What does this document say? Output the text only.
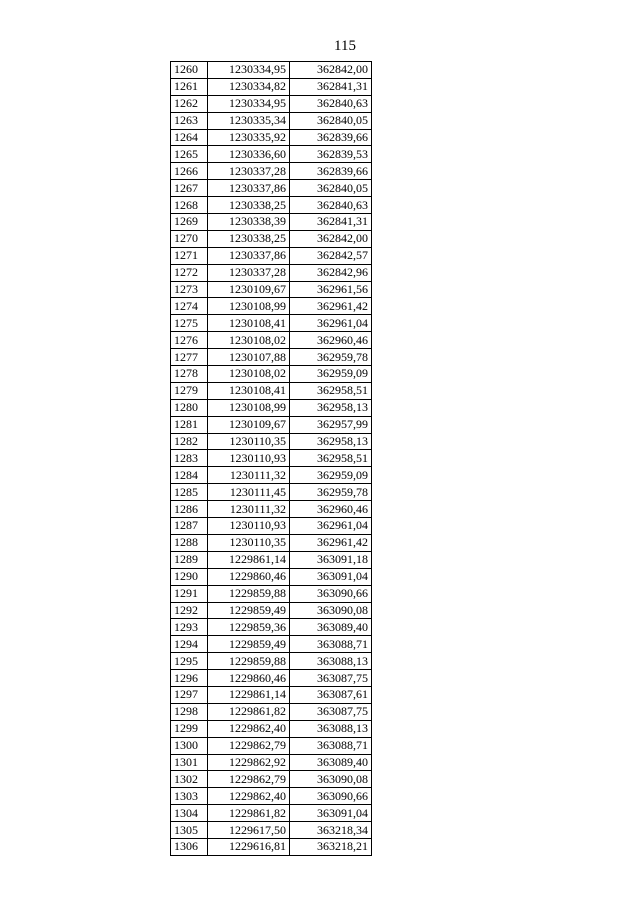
115
1260	1230334,95	362842,00
1261	1230334,82	362841,31
1262	1230334,95	362840,63
1263	1230335,34	362840,05
1264	1230335,92	362839,66
1265	1230336,60	362839,53
1266	1230337,28	362839,66
1267	1230337,86	362840,05
1268	1230338,25	362840,63
1269	1230338,39	362841,31
1270	1230338,25	362842,00
1271	1230337,86	362842,57
1272	1230337,28	362842,96
1273	1230109,67	362961,56
1274	1230108,99	362961,42
1275	1230108,41	362961,04
1276	1230108,02	362960,46
1277	1230107,88	362959,78
1278	1230108,02	362959,09
1279	1230108,41	362958,51
1280	1230108,99	362958,13
1281	1230109,67	362957,99
1282	1230110,35	362958,13
1283	1230110,93	362958,51
1284	1230111,32	362959,09
1285	1230111,45	362959,78
1286	1230111,32	362960,46
1287	1230110,93	362961,04
1288	1230110,35	362961,42
1289	1229861,14	363091,18
1290	1229860,46	363091,04
1291	1229859,88	363090,66
1292	1229859,49	363090,08
1293	1229859,36	363089,40
1294	1229859,49	363088,71
1295	1229859,88	363088,13
1296	1229860,46	363087,75
1297	1229861,14	363087,61
1298	1229861,82	363087,75
1299	1229862,40	363088,13
1300	1229862,79	363088,71
1301	1229862,92	363089,40
1302	1229862,79	363090,08
1303	1229862,40	363090,66
1304	1229861,82	363091,04
1305	1229617,50	363218,34
1306	1229616,81	363218,21
